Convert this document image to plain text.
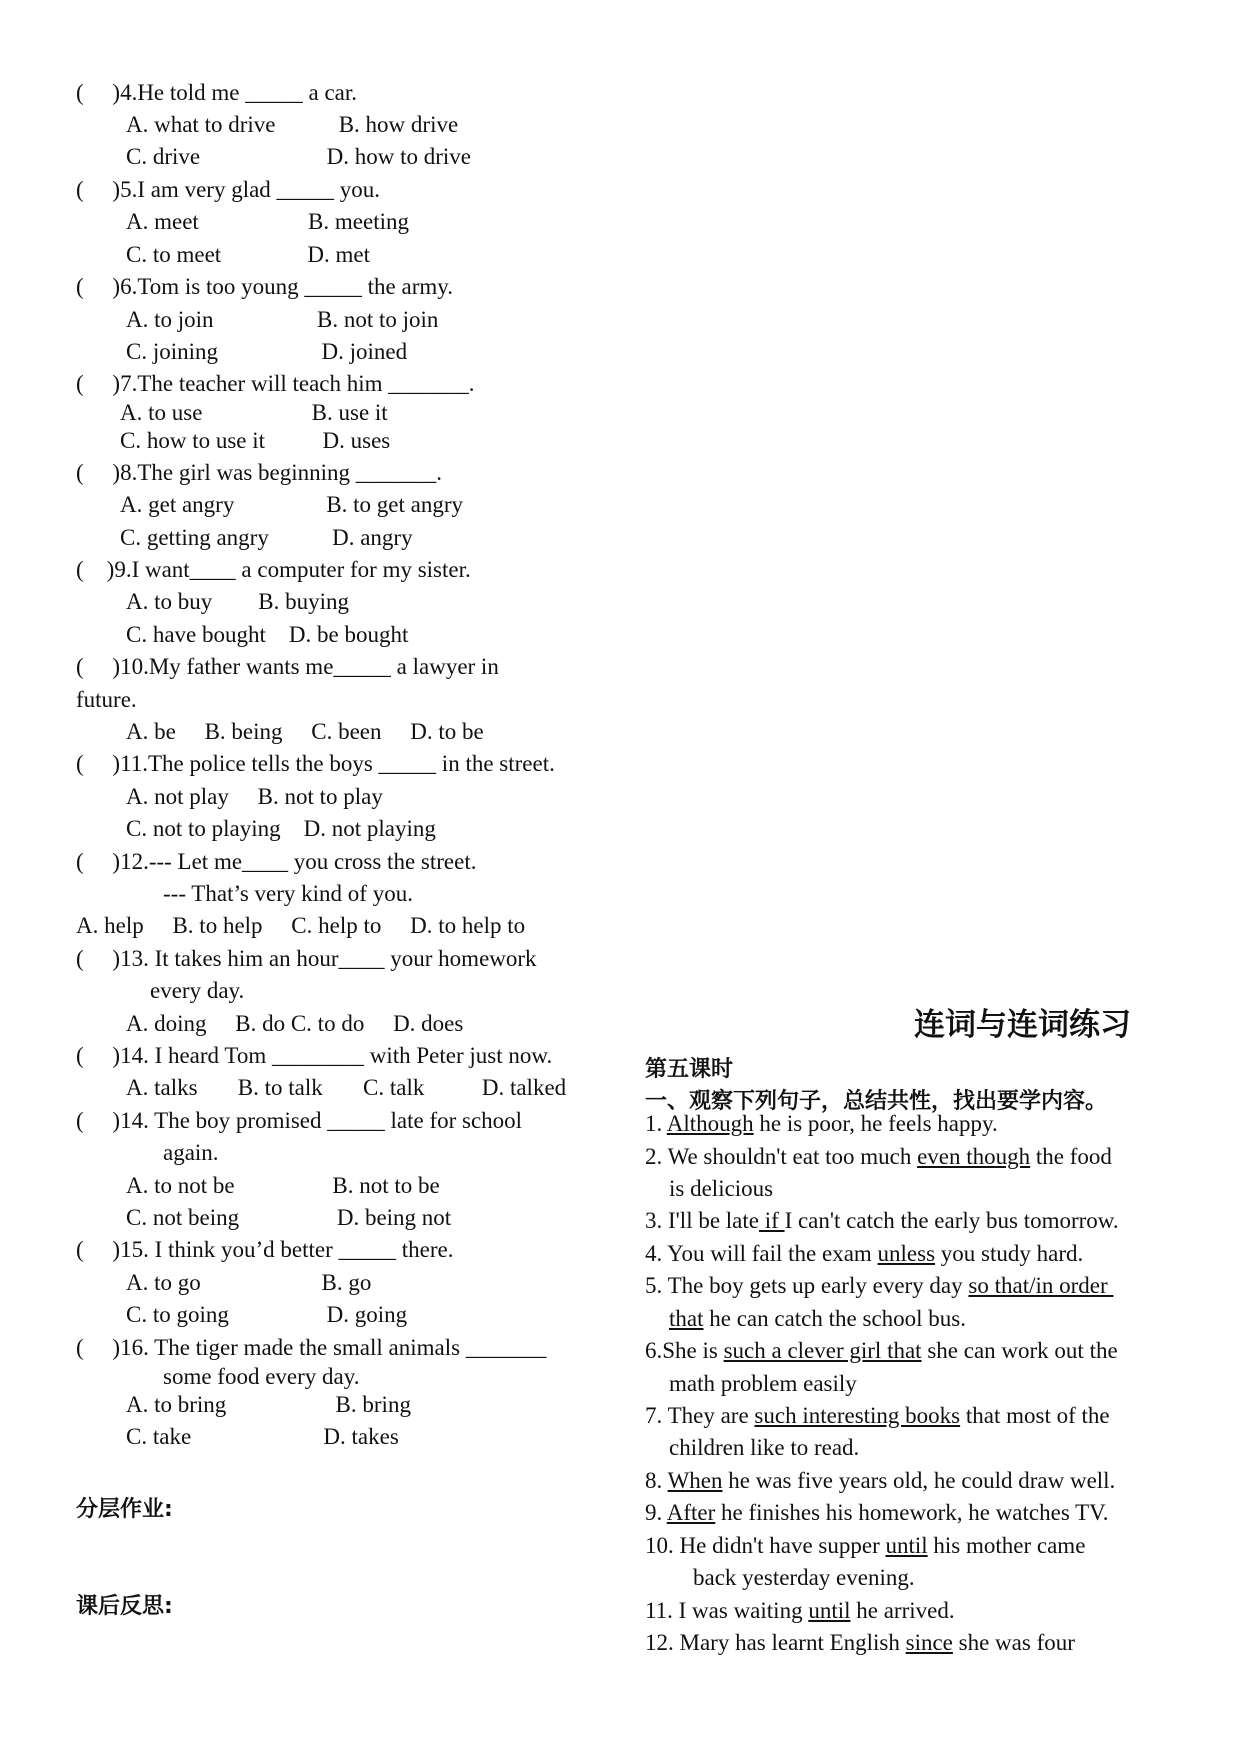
(     )4.He told me _____ a car.
A. what to drive           B. how drive
C. drive                      D. how to drive
(     )5.I am very glad _____ you.
A. meet                   B. meeting
C. to meet               D. met
(     )6.Tom is too young _____ the army.
A. to join                  B. not to join
C. joining                  D. joined
(     )7.The teacher will teach him _______.
A. to use                   B. use it
C. how to use it          D. uses
(     )8.The girl was beginning _______.
A. get angry                B. to get angry
C. getting angry           D. angry
(    )9.I want____ a computer for my sister.
A. to buy        B. buying
C. have bought    D. be bought
(     )10.My father wants me_____ a lawyer in
future.
A. be     B. being     C. been     D. to be
(     )11.The police tells the boys _____ in the street.
A. not play     B. not to play
C. not to playing    D. not playing
(     )12.--- Let me____ you cross the street.
--- That’s very kind of you.
A. help     B. to help     C. help to     D. to help to
(     )13. It takes him an hour____ your homework
every day.
A. doing     B. do C. to do     D. does
(     )14. I heard Tom ________ with Peter just now.
A. talks       B. to talk       C. talk          D. talked
(     )14. The boy promised _____ late for school
again.
A. to not be                 B. not to be
C. not being                 D. being not
(     )15. I think you’d better _____ there.
A. to go                     B. go
C. to going                 D. going
(     )16. The tiger made the small animals _______
some food every day.
A. to bring                   B. bring
C. take                       D. takes
分层作业:
课后反思:
连词与连词练习
第五课时
一、观察下列句子，总结共性，找出要学内容。
1. Although he is poor, he feels happy.
2. We shouldn't eat too much even though the food
is delicious
3. I'll be late if I can't catch the early bus tomorrow.
4. You will fail the exam unless you study hard.
5. The boy gets up early every day so that/in order
that he can catch the school bus.
6.She is such a clever girl that she can work out the
math problem easily
7. They are such interesting books that most of the
children like to read.
8. When he was five years old, he could draw well.
9. After he finishes his homework, he watches TV.
10. He didn't have supper until his mother came
back yesterday evening.
11. I was waiting until he arrived.
12. Mary has learnt English since she was four
